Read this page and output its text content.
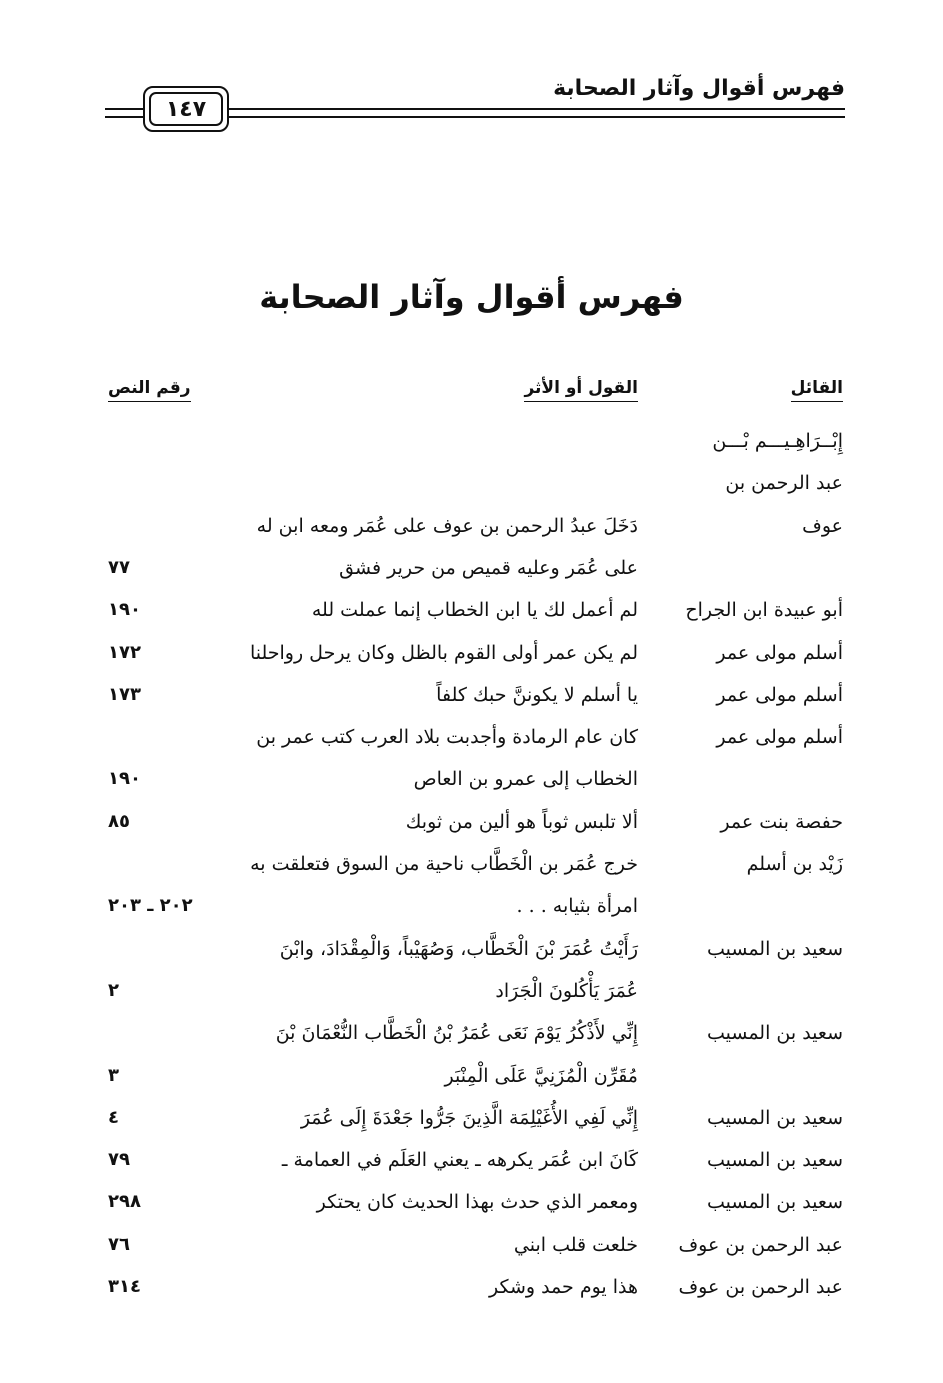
فهرس أقوال وآثار الصحابة
١٤٧
فهرس أقوال وآثار الصحابة
القائل
القول أو الأثر
رقم النص
إِبْــرَاهِـيـــم بْـــن
عبد الرحمن بن
عوف
دَخَلَ عبدُ الرحمن بن عوف على عُمَر ومعه ابن له
على عُمَر وعليه قميص من حرير فشق
٧٧
أبو عبيدة ابن الجراح
لم أعمل لك يا ابن الخطاب إنما عملت لله
١٩٠
أسلم مولى عمر
لم يكن عمر أولى القوم بالظل وكان يرحل رواحلنا
١٧٢
أسلم مولى عمر
يا أسلم لا يكوننَّ حبك كلفاً
١٧٣
أسلم مولى عمر
كان عام الرمادة وأجدبت بلاد العرب كتب عمر بن
الخطاب إلى عمرو بن العاص
١٩٠
حفصة بنت عمر
ألا تلبس ثوباً هو ألين من ثوبك
٨٥
زَيْد بن أسلم
خرج عُمَر بن الْخَطَّاب ناحية من السوق فتعلقت به
امرأة بثيابه . . .
٢٠٢ ـ ٢٠٣
سعيد بن المسيب
رَأَيْتُ عُمَرَ بْنَ الْخَطَّاب، وَصُهَيْباً، وَالْمِقْدَادَ، وابْنَ
عُمَرَ يَأْكُلونَ الْجَرَاد
٢
سعيد بن المسيب
إِنِّي لأَذْكُرُ يَوْمَ نَعَى عُمَرُ بْنُ الْخَطَّاب النُّعْمَانَ بْنَ
مُقَرِّن الْمُزَنِيَّ عَلَى الْمِنْبَر
٣
سعيد بن المسيب
إِنِّي لَفِي الأُغَيْلِمَة الَّذِينَ جَرُّوا جَعْدَةَ إِلَى عُمَرَ
٤
سعيد بن المسيب
كَانَ ابن عُمَر يكرهه ـ يعني العَلَم في العمامة ـ
٧٩
سعيد بن المسيب
ومعمر الذي حدث بهذا الحديث كان يحتكر
٢٩٨
عبد الرحمن بن عوف
خلعت قلب ابني
٧٦
عبد الرحمن بن عوف
هذا يوم حمد وشكر
٣١٤
